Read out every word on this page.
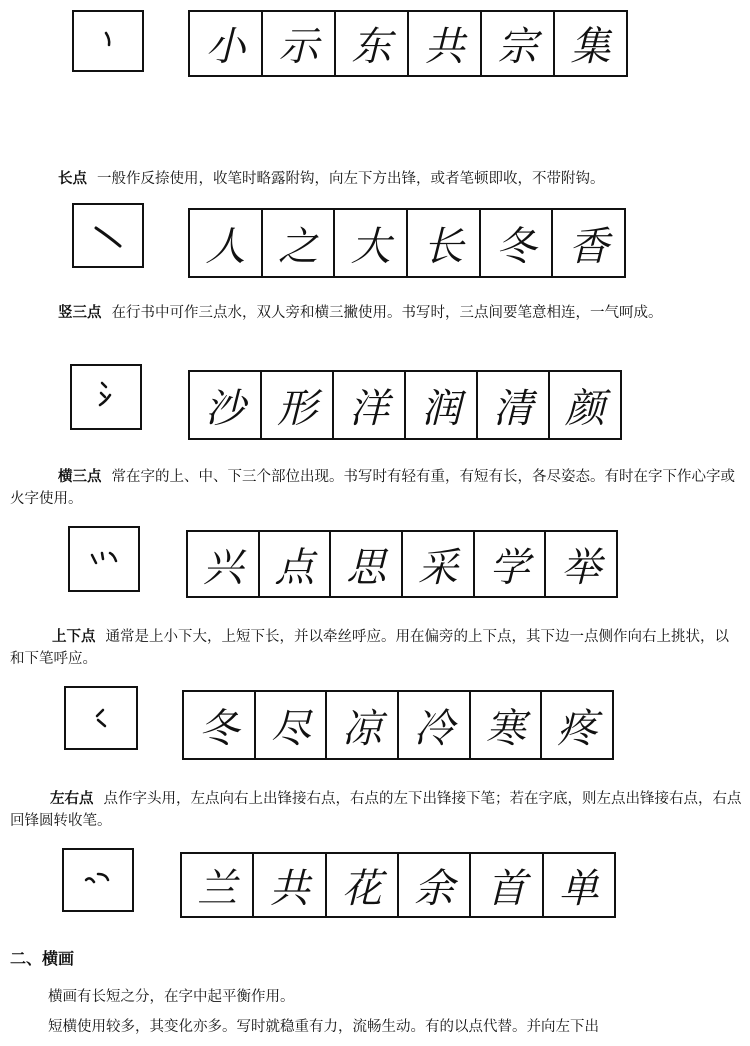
小 示 东 共 宗 集
长点 一般作反捺使用，收笔时略露附钩，向左下方出锋，或者笔顿即收，不带附钩。
人 之 大 长 冬 香
竖三点 在行书中可作三点水，双人旁和横三撇使用。书写时，三点间要笔意相连，一气呵成。
沙 形 洋 润 清 颜
横三点 常在字的上、中、下三个部位出现。书写时有轻有重，有短有长，各尽姿态。有时在字下作心字或火字使用。
兴 点 思 采 学 举
上下点 通常是上小下大，上短下长，并以牵丝呼应。用在偏旁的上下点，其下边一点侧作向右上挑状，以和下笔呼应。
冬 尽 凉 冷 寒 疼
左右点 点作字头用，左点向右上出锋接右点，右点的左下出锋接下笔；若在字底，则左点出锋接右点，右点回锋圆转收笔。
兰 共 花 余 首 单
二、横画
横画有长短之分，在字中起平衡作用。
短横使用较多，其变化亦多。写时就稳重有力，流畅生动。有的以点代替。并向左下出
